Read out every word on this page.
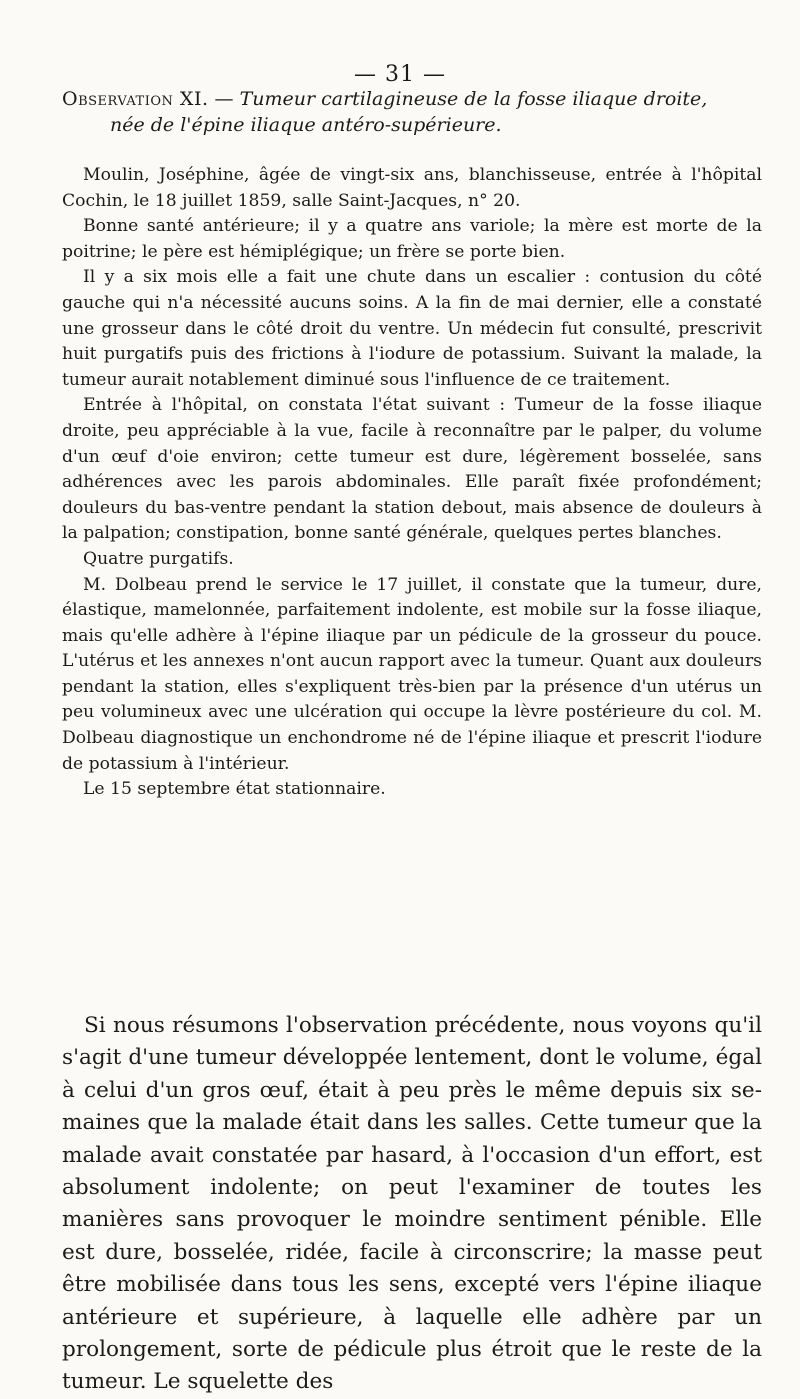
— 31 —
Observation XI. — Tumeur cartilagineuse de la fosse iliaque droite,
née de l'épine iliaque antéro-supérieure.

Moulin, Joséphine, âgée de vingt-six ans, blanchisseuse, entrée à l'hôpital Cochin, le 18 juillet 1859, salle Saint-Jacques, n° 20.

Bonne santé antérieure; il y a quatre ans variole; la mère est morte de la poitrine; le père est hémiplégique; un frère se porte bien.

Il y a six mois elle a fait une chute dans un escalier : contusion du côté gauche qui n'a nécessité aucuns soins. A la fin de mai dernier, elle a constaté une grosseur dans le côté droit du ventre. Un médecin fut consulté, prescrivit huit purgatifs puis des frictions à l'iodure de potassium. Suivant la malade, la tumeur aurait notablement diminué sous l'influence de ce traitement.

Entrée à l'hôpital, on constata l'état suivant : Tumeur de la fosse iliaque droite, peu appréciable à la vue, facile à reconnaître par le palper, du volume d'un œuf d'oie environ; cette tumeur est dure, légèrement bosselée, sans adhérences avec les parois abdominales. Elle paraît fixée profondément; douleurs du bas-ventre pendant la station debout, mais absence de douleurs à la palpation; constipation, bonne santé générale, quelques pertes blanches.

Quatre purgatifs.

M. Dolbeau prend le service le 17 juillet, il constate que la tumeur, dure, élastique, mamelonnée, parfaitement indolente, est mobile sur la fosse iliaque, mais qu'elle adhère à l'épine iliaque par un pédicule de la grosseur du pouce. L'utérus et les annexes n'ont aucun rapport avec la tumeur. Quant aux douleurs pendant la station, elles s'expliquent très-bien par la présence d'un utérus un peu volumineux avec une ulcération qui occupe la lèvre postérieure du col. M. Dolbeau diagnostique un enchondrome né de l'épine iliaque et prescrit l'iodure de potassium à l'intérieur.

Le 15 septembre état stationnaire.

Si nous résumons l'observation précédente, nous voyons qu'il s'agit d'une tumeur développée lentement, dont le volume, égal à celui d'un gros œuf, était à peu près le même depuis six semaines que la malade était dans les salles. Cette tumeur que la malade avait constatée par hasard, à l'occasion d'un effort, est absolument indolente; on peut l'examiner de toutes les manières sans provoquer le moindre sentiment pénible. Elle est dure, bosselée, ridée, facile à circonscrire; la masse peut être mobilisée dans tous les sens, excepté vers l'épine iliaque antérieure et supérieure, à laquelle elle adhère par un prolongement, sorte de pédicule plus étroit que le reste de la tumeur. Le squelette des
